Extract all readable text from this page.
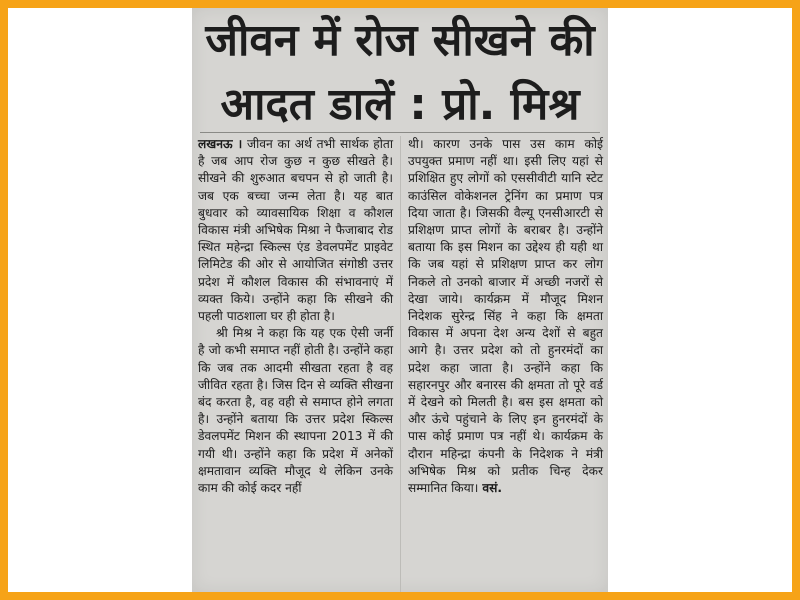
जीवन में रोज सीखने की
आदत डालें : प्रो. मिश्र

लखनऊ । जीवन का अर्थ तभी सार्थक होता है जब आप रोज कुछ न कुछ सीखते है। सीखने की शुरुआत बचपन से हो जाती है। जब एक बच्चा जन्म लेता है। यह बात बुधवार को व्यावसायिक शिक्षा व कौशल विकास मंत्री अभिषेक मिश्रा ने फैजाबाद रोड स्थित महेन्द्रा स्किल्स एंड डेवलपमेंट प्राइवेट लिमिटेड की ओर से आयोजित संगोष्ठी उत्तर प्रदेश में कौशल विकास की संभावनाएं में व्यक्त किये। उन्होंने कहा कि सीखने की पहली पाठशाला घर ही होता है।

श्री मिश्र ने कहा कि यह एक ऐसी जर्नी है जो कभी समाप्त नहीं होती है। उन्होंने कहा कि जब तक आदमी सीखता रहता है वह जीवित रहता है। जिस दिन से व्यक्ति सीखना बंद करता है, वह वही से समाप्त होने लगता है। उन्होंने बताया कि उत्तर प्रदेश स्किल्स डेवलपमेंट मिशन की स्थापना 2013 में की गयी थी। उन्होंने कहा कि प्रदेश में अनेकों क्षमतावान व्यक्ति मौजूद थे लेकिन उनके काम की कोई कदर नहीं

थी। कारण उनके पास उस काम कोई उपयुक्त प्रमाण नहीं था। इसी लिए यहां से प्रशिक्षित हुए लोगों को एससीवीटी यानि स्टेट काउंसिल वोकेशनल ट्रेनिंग का प्रमाण पत्र दिया जाता है। जिसकी वैल्यू एनसीआरटी से प्रशिक्षण प्राप्त लोगों के बराबर है। उन्होंने बताया कि इस मिशन का उद्देश्य ही यही था कि जब यहां से प्रशिक्षण प्राप्त कर लोग निकले तो उनको बाजार में अच्छी नजरों से देखा जाये। कार्यक्रम में मौजूद मिशन निदेशक सुरेन्द्र सिंह ने कहा कि क्षमता विकास में अपना देश अन्य देशों से बहुत आगे है। उत्तर प्रदेश को तो हुनरमंदों का प्रदेश कहा जाता है। उन्होंने कहा कि सहारनपुर और बनारस की क्षमता तो पूरे वर्ड में देखने को मिलती है। बस इस क्षमता को और ऊंचे पहुंचाने के लिए इन हुनरमंदों के पास कोई प्रमाण पत्र नहीं थे। कार्यक्रम के दौरान महिन्द्रा कंपनी के निदेशक ने मंत्री अभिषेक मिश्र को प्रतीक चिन्ह देकर सम्मानित किया। वसं.
